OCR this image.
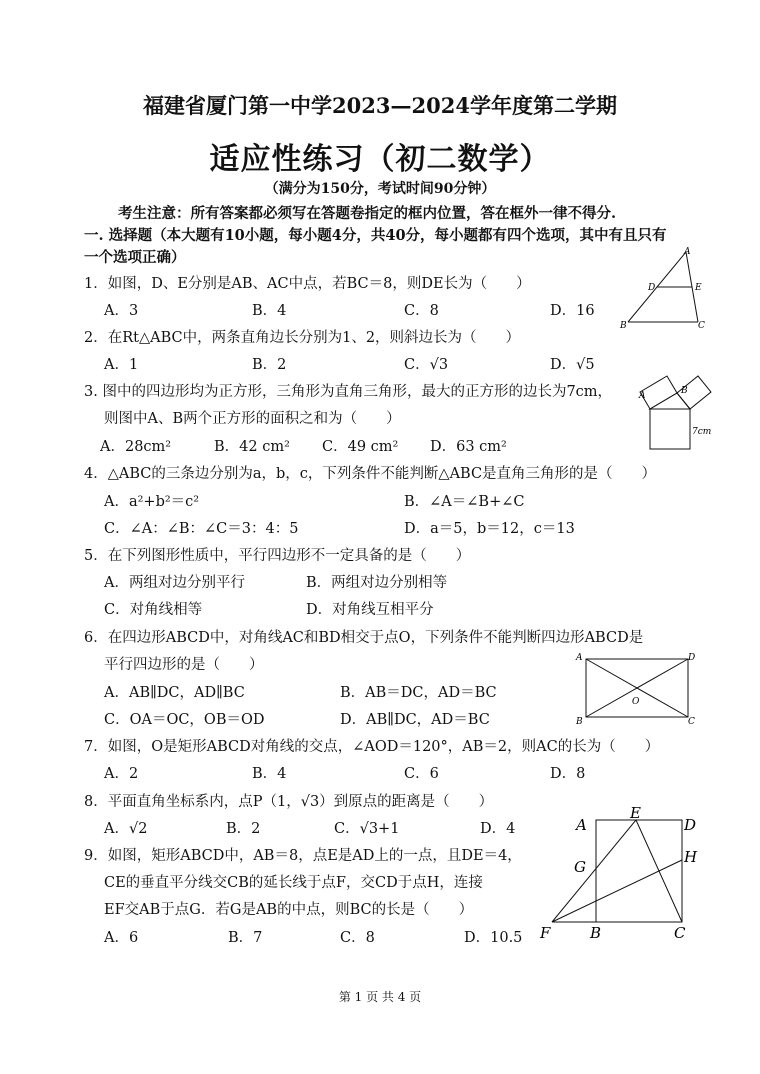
福建省厦门第一中学2023—2024学年度第二学期
适应性练习（初二数学）
（满分为150分，考试时间90分钟）
考生注意：所有答案都必须写在答题卷指定的框内位置，答在框外一律不得分.
一. 选择题（本大题有10小题，每小题4分，共40分，每小题都有四个选项，其中有且只有
一个选项正确）
1．如图，D、E分别是AB、AC中点，若BC＝8，则DE长为（　　）
A．3	B．4	C．8	D．16
2．在Rt△ABC中，两条直角边长分别为1、2，则斜边长为（　　）
A．1	B．2	C．√3	D．√5
3. 图中的四边形均为正方形，三角形为直角三角形，最大的正方形的边长为7cm，
则图中A、B两个正方形的面积之和为（　　）
A．28cm²	B．42 cm² C．49 cm² D．63 cm²
4．△ABC的三条边分别为a，b，c，下列条件不能判断△ABC是直角三角形的是（　　）
A．a²+b²＝c²	B．∠A＝∠B+∠C
C．∠A：∠B：∠C＝3：4：5	D．a＝5，b＝12，c＝13
5．在下列图形性质中，平行四边形不一定具备的是（　　）
A．两组对边分别平行	B．两组对边分别相等
C．对角线相等	D．对角线互相平分
6．在四边形ABCD中，对角线AC和BD相交于点O，下列条件不能判断四边形ABCD是
平行四边形的是（　　）
A．AB∥DC，AD∥BC	B．AB＝DC，AD＝BC
C．OA＝OC，OB＝OD	D．AB∥DC，AD＝BC
7．如图，O是矩形ABCD对角线的交点，∠AOD＝120°，AB＝2，则AC的长为（　　）
A．2	B．4	C．6	D．8
8．平面直角坐标系内，点P（1，√3）到原点的距离是（　　）
A．√2	B．2	C．√3+1	D．4
9．如图，矩形ABCD中，AB＝8，点E是AD上的一点，且DE＝4，
CE的垂直平分线交CB的延长线于点F，交CD于点H，连接
EF交AB于点G．若G是AB的中点，则BC的长是（　　）
A．6	B．7	C．8	D．10.5
A
B	C
D	E
A	B
7cm
A	D
B	C
O
A
E
D
G
H
F	B	C
第 1 页 共 4 页
